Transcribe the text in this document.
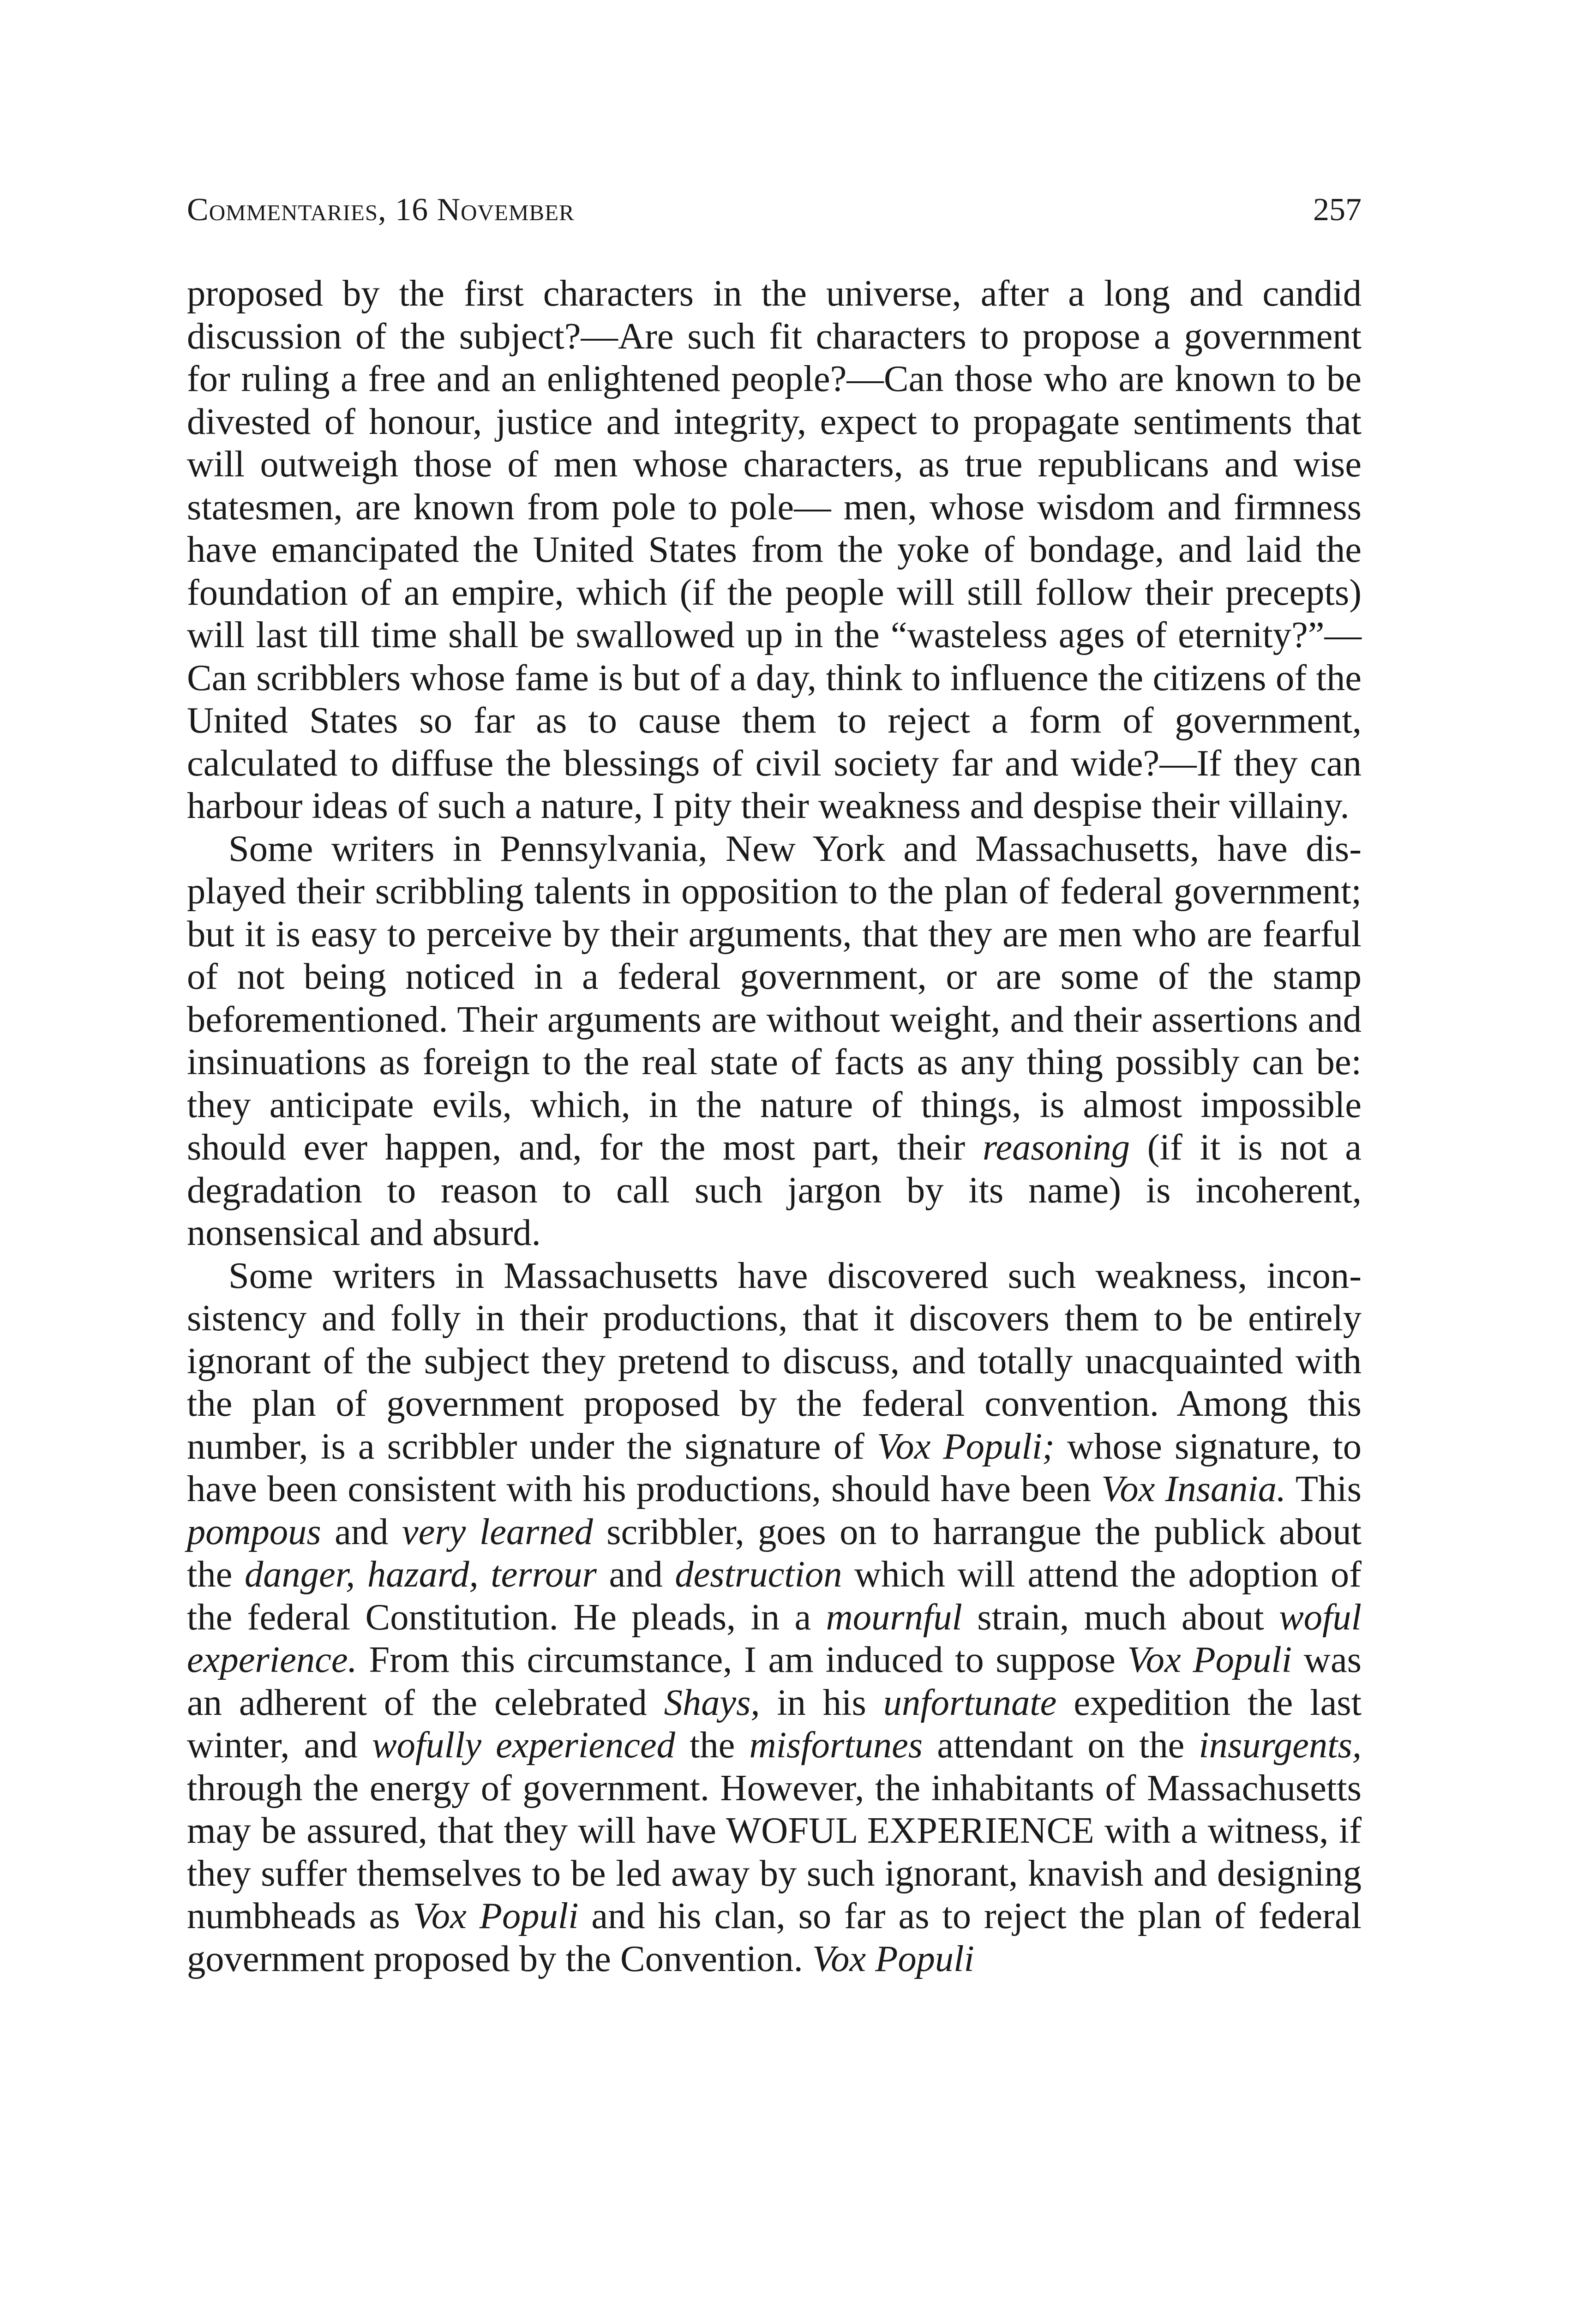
Commentaries, 16 November	257

proposed by the first characters in the universe, after a long and candid discussion of the subject?—Are such fit characters to propose a government for ruling a free and an enlightened people?—Can those who are known to be divested of honour, justice and integrity, expect to propagate sentiments that will outweigh those of men whose characters, as true republicans and wise statesmen, are known from pole to pole— men, whose wisdom and firmness have emancipated the United States from the yoke of bondage, and laid the foundation of an empire, which (if the people will still follow their precepts) will last till time shall be swallowed up in the “wasteless ages of eternity?”—Can scribblers whose fame is but of a day, think to influence the citizens of the United States so far as to cause them to reject a form of government, calculated to diffuse the blessings of civil society far and wide?—If they can harbour ideas of such a nature, I pity their weakness and despise their villainy.

Some writers in Pennsylvania, New York and Massachusetts, have displayed their scribbling talents in opposition to the plan of federal government; but it is easy to perceive by their arguments, that they are men who are fearful of not being noticed in a federal government, or are some of the stamp beforementioned. Their arguments are without weight, and their assertions and insinuations as foreign to the real state of facts as any thing possibly can be: they anticipate evils, which, in the nature of things, is almost impossible should ever happen, and, for the most part, their reasoning (if it is not a degradation to reason to call such jargon by its name) is incoherent, nonsensical and absurd.

Some writers in Massachusetts have discovered such weakness, inconsistency and folly in their productions, that it discovers them to be entirely ignorant of the subject they pretend to discuss, and totally unacquainted with the plan of government proposed by the federal convention. Among this number, is a scribbler under the signature of Vox Populi; whose signature, to have been consistent with his productions, should have been Vox Insania. This pompous and very learned scribbler, goes on to harrangue the publick about the danger, hazard, terrour and destruction which will attend the adoption of the federal Constitution. He pleads, in a mournful strain, much about woful experience. From this circumstance, I am induced to suppose Vox Populi was an adherent of the celebrated Shays, in his unfortunate expedition the last winter, and wofully experienced the misfortunes attendant on the insurgents, through the energy of government. However, the inhabitants of Massachusetts may be assured, that they will have WOFUL EXPERIENCE with a witness, if they suffer themselves to be led away by such ignorant, knavish and designing numbheads as Vox Populi and his clan, so far as to reject the plan of federal government proposed by the Convention. Vox Populi
